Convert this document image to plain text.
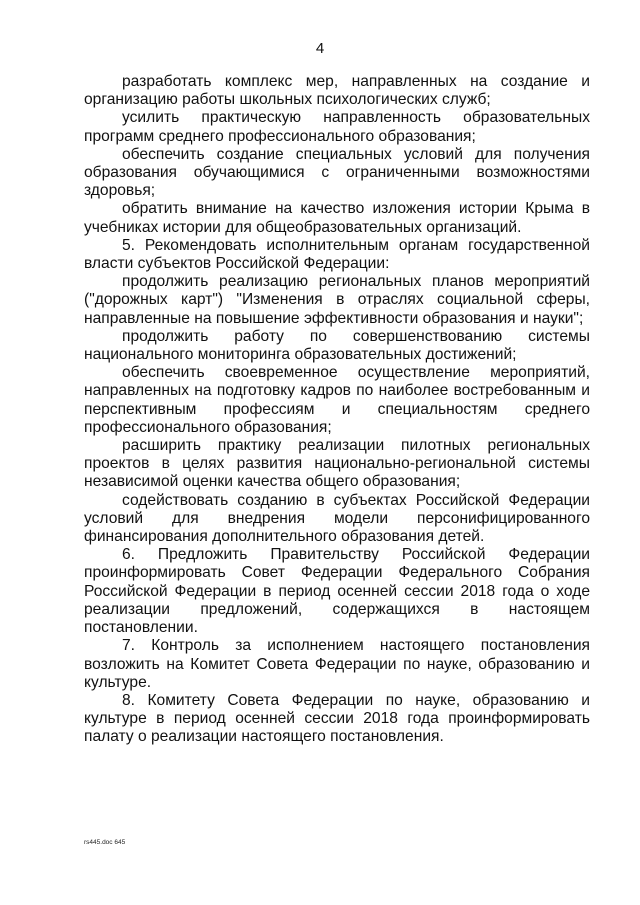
4

разработать комплекс мер, направленных на создание и организацию работы школьных психологических служб;

усилить практическую направленность образовательных программ среднего профессионального образования;

обеспечить создание специальных условий для получения образования обучающимися с ограниченными возможностями здоровья;

обратить внимание на качество изложения истории Крыма в учебниках истории для общеобразовательных организаций.

5. Рекомендовать исполнительным органам государственной власти субъектов Российской Федерации:

продолжить реализацию региональных планов мероприятий ("дорожных карт") "Изменения в отраслях социальной сферы, направленные на повышение эффективности образования и науки";

продолжить работу по совершенствованию системы национального мониторинга образовательных достижений;

обеспечить своевременное осуществление мероприятий, направленных на подготовку кадров по наиболее востребованным и перспективным профессиям и специальностям среднего профессионального образования;

расширить практику реализации пилотных региональных проектов в целях развития национально-региональной системы независимой оценки качества общего образования;

содействовать созданию в субъектах Российской Федерации условий для внедрения модели персонифицированного финансирования дополнительного образования детей.

6. Предложить Правительству Российской Федерации проинформировать Совет Федерации Федерального Собрания Российской Федерации в период осенней сессии 2018 года о ходе реализации предложений, содержащихся в настоящем постановлении.

7. Контроль за исполнением настоящего постановления возложить на Комитет Совета Федерации по науке, образованию и культуре.

8. Комитету Совета Федерации по науке, образованию и культуре в период осенней сессии 2018 года проинформировать палату о реализации настоящего постановления.

rs445.doc 645
